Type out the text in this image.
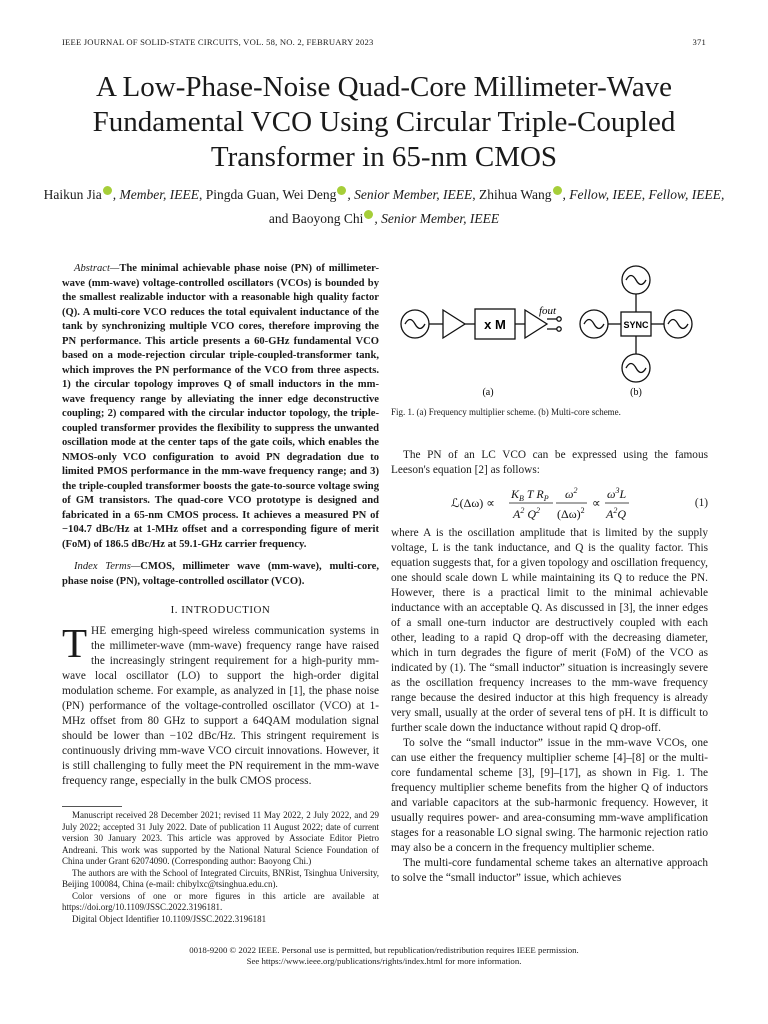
IEEE JOURNAL OF SOLID-STATE CIRCUITS, VOL. 58, NO. 2, FEBRUARY 2023	371
A Low-Phase-Noise Quad-Core Millimeter-Wave Fundamental VCO Using Circular Triple-Coupled Transformer in 65-nm CMOS
Haikun Jia , Member, IEEE, Pingda Guan, Wei Deng , Senior Member, IEEE, Zhihua Wang , Fellow, IEEE, Fellow, IEEE,
and Baoyong Chi , Senior Member, IEEE

Abstract—The minimal achievable phase noise (PN) of millimeter-wave (mm-wave) voltage-controlled oscillators (VCOs) is bounded by the smallest realizable inductor with a reasonable high quality factor (Q). A multi-core VCO reduces the total equivalent inductance of the tank by synchronizing multiple VCO cores, therefore improving the PN performance. This article presents a 60-GHz fundamental VCO based on a mode-rejection circular triple-coupled-transformer tank, which improves the PN performance of the VCO from three aspects. 1) the circular topology improves Q of small inductors in the mm-wave frequency range by alleviating the inner edge deconstructive coupling; 2) compared with the circular inductor topology, the triple-coupled transformer provides the flexibility to suppress the unwanted oscillation mode at the center taps of the gate coils, which enables the NMOS-only VCO configuration to avoid PN degradation due to limited PMOS performance in the mm-wave frequency range; and 3) the triple-coupled transformer boosts the gate-to-source voltage swing of GM transistors. The quad-core VCO prototype is designed and fabricated in a 65-nm CMOS process. It achieves a measured PN of −104.7 dBc/Hz at 1-MHz offset and a corresponding figure of merit (FoM) of 186.5 dBc/Hz at 59.1-GHz carrier frequency.

Index Terms—CMOS, millimeter wave (mm-wave), multi-core, phase noise (PN), voltage-controlled oscillator (VCO).

I. INTRODUCTION

THE emerging high-speed wireless communication systems in the millimeter-wave (mm-wave) frequency range have raised the increasingly stringent requirement for a high-purity mm-wave local oscillator (LO) to support the high-order digital modulation scheme. For example, as analyzed in [1], the phase noise (PN) performance of the voltage-controlled oscillator (VCO) at 1-MHz offset from 80 GHz to support a 64QAM modulation signal should be lower than −102 dBc/Hz. This stringent requirement is continuously driving mm-wave VCO circuit innovations. However, it is still challenging to fully meet the PN requirement in the mm-wave frequency range, especially in the bulk CMOS process.

Manuscript received 28 December 2021; revised 11 May 2022, 2 July 2022, and 29 July 2022; accepted 31 July 2022. Date of publication 11 August 2022; date of current version 30 January 2023. This article was approved by Associate Editor Pietro Andreani. This work was supported by the National Natural Science Foundation of China under Grant 62074090. (Corresponding author: Baoyong Chi.)

The authors are with the School of Integrated Circuits, BNRist, Tsinghua University, Beijing 100084, China (e-mail: chibylxc@tsinghua.edu.cn).

Color versions of one or more figures in this article are available at https://doi.org/10.1109/JSSC.2022.3196181.

Digital Object Identifier 10.1109/JSSC.2022.3196181

x M
fout
SYNC
(a)	(b)
Fig. 1. (a) Frequency multiplier scheme. (b) Multi-core scheme.

The PN of an LC VCO can be expressed using the famous Leeson's equation [2] as follows:

ℒ(Δω) ∝
$K_B$ T $R_P$
$A^2$ $Q^2$
$\omega^2$
$(\Delta\omega)^2$
∝
$\omega^3L$
$A^2Q$
(1)

where A is the oscillation amplitude that is limited by the supply voltage, L is the tank inductance, and Q is the quality factor. This equation suggests that, for a given topology and oscillation frequency, one should scale down L while maintaining its Q to reduce the PN. However, there is a practical limit to the minimal achievable inductance with an acceptable Q. As discussed in [3], the inner edges of a small one-turn inductor are destructively coupled with each other, leading to a rapid Q drop-off with the decreasing diameter, which in turn degrades the figure of merit (FoM) of the VCO as indicated by (1). The “small inductor” situation is increasingly severe as the oscillation frequency increases to the mm-wave frequency range because the desired inductor at this high frequency is already very small, usually at the order of several tens of pH. It is difficult to further scale down the inductance without rapid Q drop-off.

To solve the “small inductor” issue in the mm-wave VCOs, one can use either the frequency multiplier scheme [4]–[8] or the multi-core fundamental scheme [3], [9]–[17], as shown in Fig. 1. The frequency multiplier scheme benefits from the higher Q of inductors and variable capacitors at the sub-harmonic frequency. However, it usually requires power- and area-consuming mm-wave amplification stages for a reasonable LO signal swing. The harmonic rejection ratio may also be a concern in the frequency multiplier scheme.

The multi-core fundamental scheme takes an alternative approach to solve the “small inductor” issue, which achieves

0018-9200 © 2022 IEEE. Personal use is permitted, but republication/redistribution requires IEEE permission.
See https://www.ieee.org/publications/rights/index.html for more information.
